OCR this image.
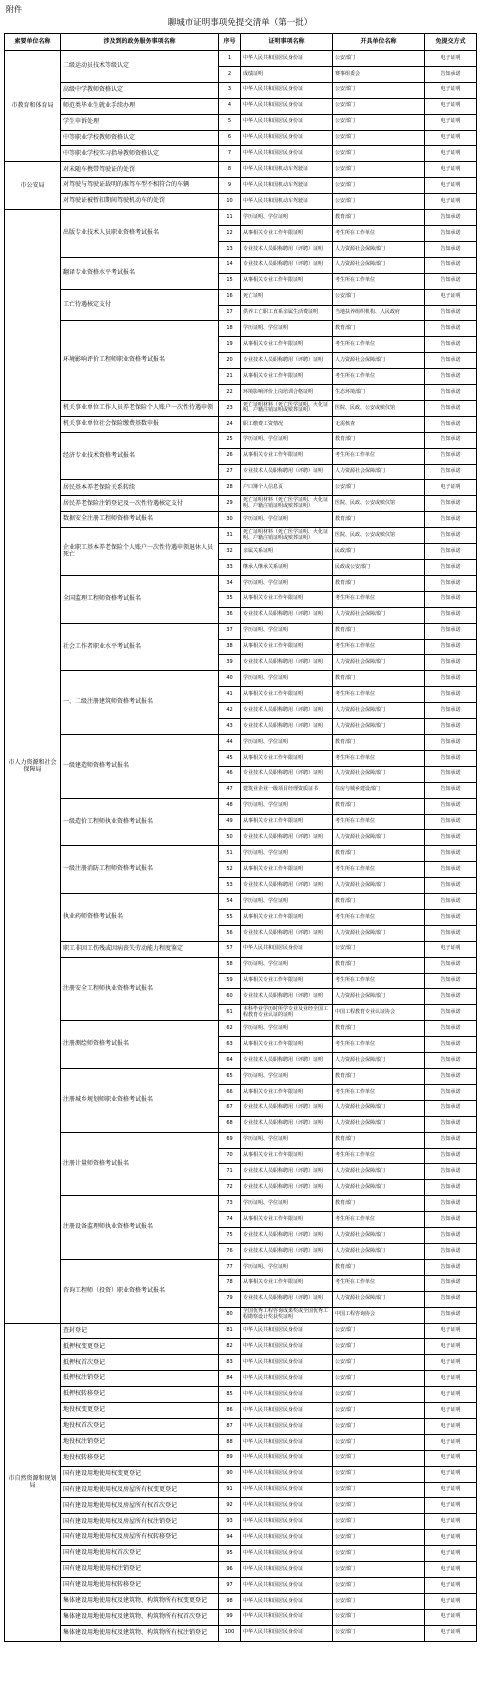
附件
聊城市证明事项免提交清单（第一批）
索要单位名称	涉及到的政务服务事项名称	序号	证明事项名称	开具单位名称	免提交方式
市教育和体育局	二级运动员技术等级认定	1	中华人民共和国居民身份证	公安部门	电子证明
		2	成绩证明	赛事组委会	告知承诺
	高级中学教师资格认定	3	中华人民共和国居民身份证	公安部门	电子证明
	师范类毕业生就业手续办理	4	中华人民共和国居民身份证	公安部门	电子证明
	学生申诉处理	5	中华人民共和国居民身份证	公安部门	电子证明
	中等职业学校教师资格认定	6	中华人民共和国居民身份证	公安部门	电子证明
	中等职业学校实习指导教师资格认定	7	中华人民共和国居民身份证	公安部门	电子证明
市公安局	对未随车携带驾驶证的处罚	8	中华人民共和国机动车驾驶证	公安部门	电子证明
	对驾驶与驾驶证载明的准驾车型不相符合的车辆	9	中华人民共和国机动车驾驶证	公安部门	电子证明
	对驾驶证被暂扣期间驾驶机动车的处罚	10	中华人民共和国机动车驾驶证	公安部门	电子证明
市人力资源和社会保障局	出版专业技术人员职业资格考试报名	11	学历证明、学位证明	教育部门	告知承诺
		12	从事相关专业工作年限证明	考生所在工作单位	告知承诺
		13	专业技术人员职称聘用（评聘）证明	人力资源社会保障部门	告知承诺
	翻译专业资格水平考试报名	14	专业技术人员职称聘用（评聘）证明	人力资源社会保障部门	告知承诺
		15	从事相关专业工作年限证明	考生所在工作单位	告知承诺
	工亡待遇核定支付	16	死亡证明	公安部门	电子证明
		17	供养工亡职工直系亲属生活费证明	当地扶养组织机构、人民政府	告知承诺
	环境影响评价工程师职业资格考试报名	18	学历证明、学位证明	教育部门	告知承诺
		19	从事相关专业工作年限证明	考生所在工作单位	告知承诺
		20	专业技术人员职称聘用（评聘）证明	人力资源社会保障部门	告知承诺
		21	从事相关专业工作年限证明	考生所在工作单位	告知承诺
		22	环境影响评价上岗培训合格证明	生态环境部门	告知承诺
	机关事业单位工作人员养老保险个人账户一次性待遇申领	23	死亡证明材料（死亡医学证明、火化证明、户籍注销证明或殡葬证明）	医院、民政、公安或殡仪馆	告知承诺
	机关事业单位社会保险缴费基数申报	24	职工缴费工资情况	无需核查	告知承诺
	经济专业技术资格考试报名	25	学历证明、学位证明	教育部门	告知承诺
		26	从事相关专业工作年限证明	考生所在工作单位	告知承诺
		27	专业技术人员职称聘用（评聘）证明	人力资源社会保障部门	告知承诺
	居民基本养老保险关系转续	28	户口簿个人信息页	公安部门	电子证明
	居民养老保险注销登记及一次性待遇核定支付	29	死亡证明材料（死亡医学证明、火化证明、户籍注销证明或殡葬证明）	医院、民政、公安或殡仪馆	告知承诺
	数据安全注册工程师资格考试报名	30	学历证明、学位证明	教育部门	告知承诺
	企业职工基本养老保险个人账户一次性待遇申领退休人员死亡	31	死亡证明材料（死亡医学证明、火化证明、户籍注销证明或殡葬证明）	医院、民政、公安或殡仪馆	告知承诺
		32	亲属关系证明	民政部门	告知承诺
		33	继承人继承关系证明	民政或公安部门	告知承诺
	全国监理工程师资格考试报名	34	学历证明、学位证明	教育部门	告知承诺
		35	从事相关专业工作年限证明	考生所在工作单位	告知承诺
		36	专业技术人员职称聘用（评聘）证明	人力资源社会保障部门	告知承诺
	社会工作者职业水平考试报名	37	学历证明、学位证明	教育部门	告知承诺
		38	从事相关专业工作年限证明	考生所在工作单位	告知承诺
		39	专业技术人员职称聘用（评聘）证明	人力资源社会保障部门	告知承诺
	一、二级注册建筑师资格考试报名	40	学历证明、学位证明	教育部门	告知承诺
		41	从事相关专业工作年限证明	考生所在工作单位	告知承诺
		42	专业技术人员职称聘用（评聘）证明	人力资源社会保障部门	告知承诺
		43	专业技术人员职称聘用（评聘）证明	人力资源社会保障部门	告知承诺
	一级建造师资格考试报名	44	学历证明、学位证明	教育部门	告知承诺
		45	从事相关专业工作年限证明	考生所在工作单位	告知承诺
		46	专业技术人员职称聘用（评聘）证明	人力资源社会保障部门	告知承诺
		47	建筑业企业一级项目经理资质证书	住房与城乡建设部门	告知承诺
	一级造价工程师执业资格考试报名	48	学历证明、学位证明	教育部门	告知承诺
		49	从事相关专业工作年限证明	考生所在工作单位	告知承诺
		50	专业技术人员职称聘用（评聘）证明	人力资源社会保障部门	告知承诺
	一级注册消防工程师资格考试报名	51	学历证明、学位证明	教育部门	告知承诺
		52	从事相关专业工作年限证明	考生所在工作单位	告知承诺
		53	专业技术人员职称聘用（评聘）证明	人力资源社会保障部门	告知承诺
	执业药师资格考试报名	54	学历证明、学位证明	教育部门	告知承诺
		55	从事相关专业工作年限证明	考生所在工作单位	告知承诺
		56	专业技术人员职称聘用（评聘）证明	人力资源社会保障部门	告知承诺
	职工非因工伤残或因病丧失劳动能力程度鉴定	57	中华人民共和国居民身份证	公安部门	电子证明
	注册安全工程师执业资格考试报名	58	学历证明、学位证明	教育部门	告知承诺
		59	从事相关专业工作年限证明	考生所在工作单位	告知承诺
		60	专业技术人员职称聘用（评聘）证明	人力资源社会保障部门	告知承诺
		61	本科毕业学历时所学专业及业经全国工程教育专业认证的证明	中国工程教育专业认证协会	告知承诺
	注册测绘师资格考试报名	62	学历证明、学位证明	教育部门	告知承诺
		63	从事相关专业工作年限证明	考生所在工作单位	告知承诺
		64	专业技术人员职称聘用（评聘）证明	人力资源社会保障部门	告知承诺
	注册城乡规划师职业资格考试报名	65	学历证明、学位证明	教育部门	告知承诺
		66	从事相关专业工作年限证明	考生所在工作单位	告知承诺
		67	专业技术人员职称聘用（评聘）证明	人力资源社会保障部门	告知承诺
		68	专业技术人员职称聘用（评聘）证明	人力资源社会保障部门	告知承诺
	注册计量师资格考试报名	69	学历证明、学位证明	教育部门	告知承诺
		70	从事相关专业工作年限证明	考生所在工作单位	告知承诺
		71	专业技术人员职称聘用（评聘）证明	人力资源社会保障部门	告知承诺
		72	专业技术人员职称聘用（评聘）证明	人力资源社会保障部门	告知承诺
	注册设备监理师执业资格考试报名	73	学历证明、学位证明	教育部门	告知承诺
		74	从事相关专业工作年限证明	考生所在工作单位	告知承诺
		75	专业技术人员职称聘用（评聘）证明	人力资源社会保障部门	告知承诺
		76	专业技术人员职称聘用（评聘）证明	人力资源社会保障部门	告知承诺
	咨询工程师（投资）职业资格考试报名	77	学历证明、学位证明	教育部门	告知承诺
		78	从事相关专业工作年限证明	考生所在工作单位	告知承诺
		79	专业技术人员职称聘用（评聘）证明	人力资源社会保障部门	告知承诺
		80	全国优秀工程咨询成果奖或全国优秀工程勘察设计奖获奖证明	中国工程咨询协会	告知承诺
市自然资源和规划局	查封登记	81	中华人民共和国居民身份证	公安部门	电子证明
	抵押权变更登记	82	中华人民共和国居民身份证	公安部门	电子证明
	抵押权首次登记	83	中华人民共和国居民身份证	公安部门	电子证明
	抵押权注销登记	84	中华人民共和国居民身份证	公安部门	电子证明
	抵押权转移登记	85	中华人民共和国居民身份证	公安部门	电子证明
	地役权变更登记	86	中华人民共和国居民身份证	公安部门	电子证明
	地役权首次登记	87	中华人民共和国居民身份证	公安部门	电子证明
	地役权注销登记	88	中华人民共和国居民身份证	公安部门	电子证明
	地役权转移登记	89	中华人民共和国居民身份证	公安部门	电子证明
	国有建设用地使用权变更登记	90	中华人民共和国居民身份证	公安部门	电子证明
	国有建设用地使用权及房屋所有权变更登记	91	中华人民共和国居民身份证	公安部门	电子证明
	国有建设用地使用权及房屋所有权首次登记	92	中华人民共和国居民身份证	公安部门	电子证明
	国有建设用地使用权及房屋所有权注销登记	93	中华人民共和国居民身份证	公安部门	电子证明
	国有建设用地使用权及房屋所有权转移登记	94	中华人民共和国居民身份证	公安部门	电子证明
	国有建设用地使用权首次登记	95	中华人民共和国居民身份证	公安部门	电子证明
	国有建设用地使用权注销登记	96	中华人民共和国居民身份证	公安部门	电子证明
	国有建设用地使用权转移登记	97	中华人民共和国居民身份证	公安部门	电子证明
	集体建设用地使用权及建筑物、构筑物所有权变更登记	98	中华人民共和国居民身份证	公安部门	电子证明
	集体建设用地使用权及建筑物、构筑物所有权首次登记	99	中华人民共和国居民身份证	公安部门	电子证明
	集体建设用地使用权及建筑物、构筑物所有权注销登记	100	中华人民共和国居民身份证	公安部门	电子证明
